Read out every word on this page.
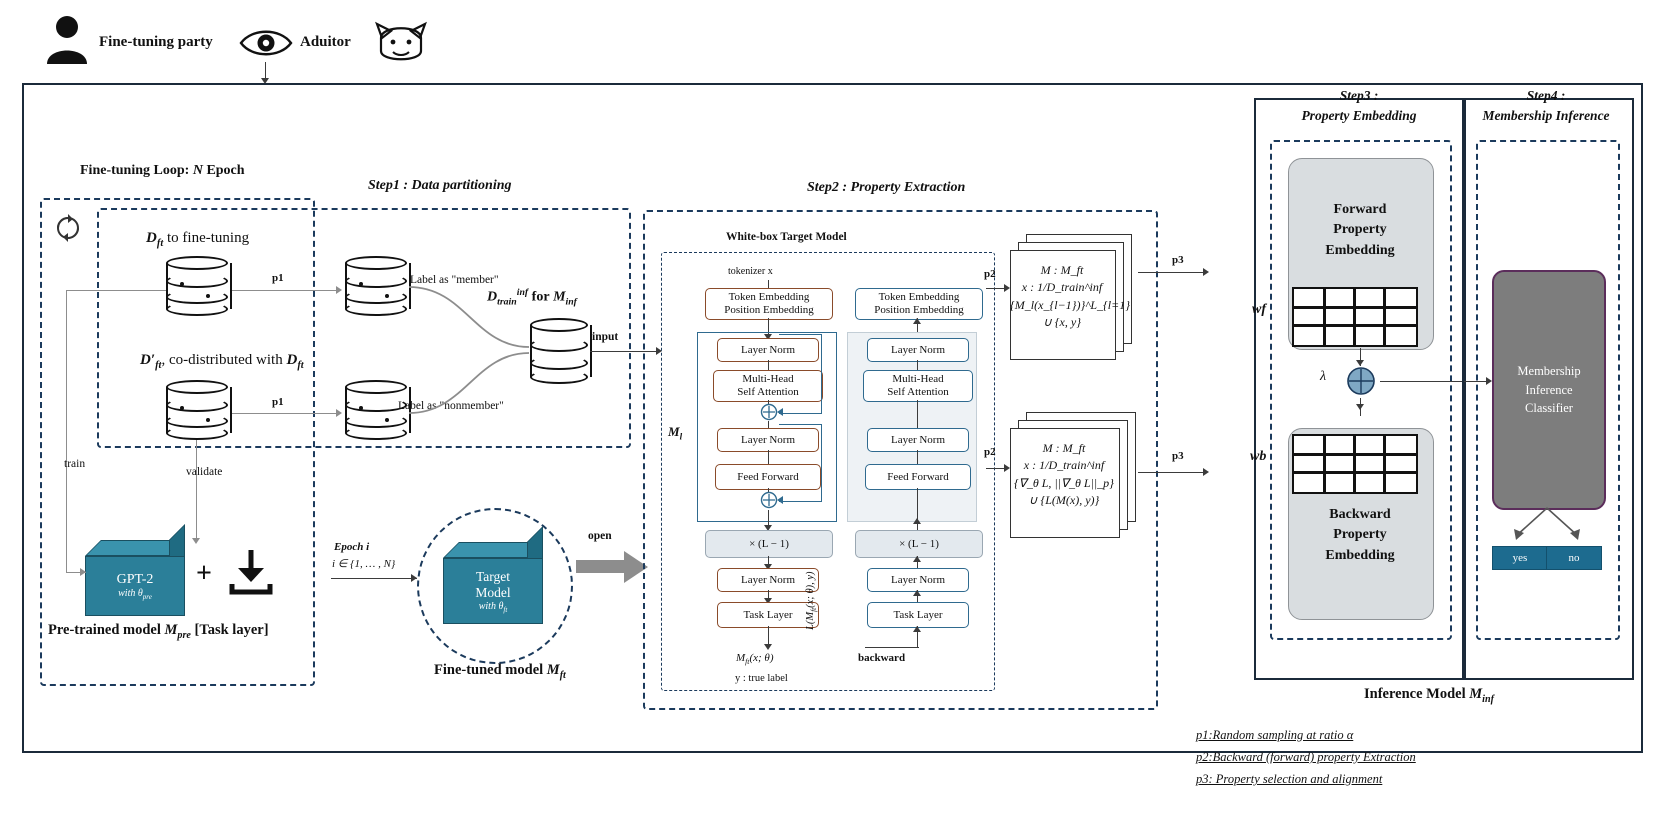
Fine-tuning party	Aduitor
Fine-tuning Loop: N Epoch
Step1 : Data partitioning
$D_{ft}$ to fine-tuning
$D'_{ft}$, co-distributed with $D_{ft}$
p1
p1
Label as "member"
Label as "nonmember"
$D_{train}^{inf}$ for $M_{inf}$
input
GPT-2
with $\theta_{pre}$
+
Pre-trained model $M_{pre}$ [Task layer]
validate
train
Target
Model
with $\theta_{ft}$
Fine-tuned model $M_{ft}$
Epoch i
i ∈ {1, … , N}
open
Step2 : Property Extraction
White-box Target Model
tokenizer x
Token Embedding
Position Embedding
Layer Norm
Multi-Head
Self Attention
Layer Norm
Feed Forward
$M_l$
× (L − 1)
Layer Norm
Task Layer
$M_{ft}(x$; θ)
y : true label
$L(M_{ft}(x$; θ), y)
Token Embedding
Position Embedding
Layer Norm
Multi-Head
Self Attention
Layer Norm
Feed Forward
× (L − 1)
Layer Norm
Task Layer
backward
M : M_ft
x : 1/D_train^inf
{M_l(x_{l−1})}^L_{l=1}
∪ {x, y}
M : M_ft
x : 1/D_train^inf
{∇_θ L, ||∇_θ L||_p}
∪ {L(M(x), y)}
p2
p2
p3
p3
Step3 :
Property Embedding
Forward
Property
Embedding
wf
Backward
Property
Embedding
wb
λ
Step4 :
Membership Inference
Membership
Inference
Classifier
yes	no
Inference Model $M_{inf}$
p1:Random sampling at ratio α
p2:Backward (forward) property Extraction
p3: Property selection and alignment
